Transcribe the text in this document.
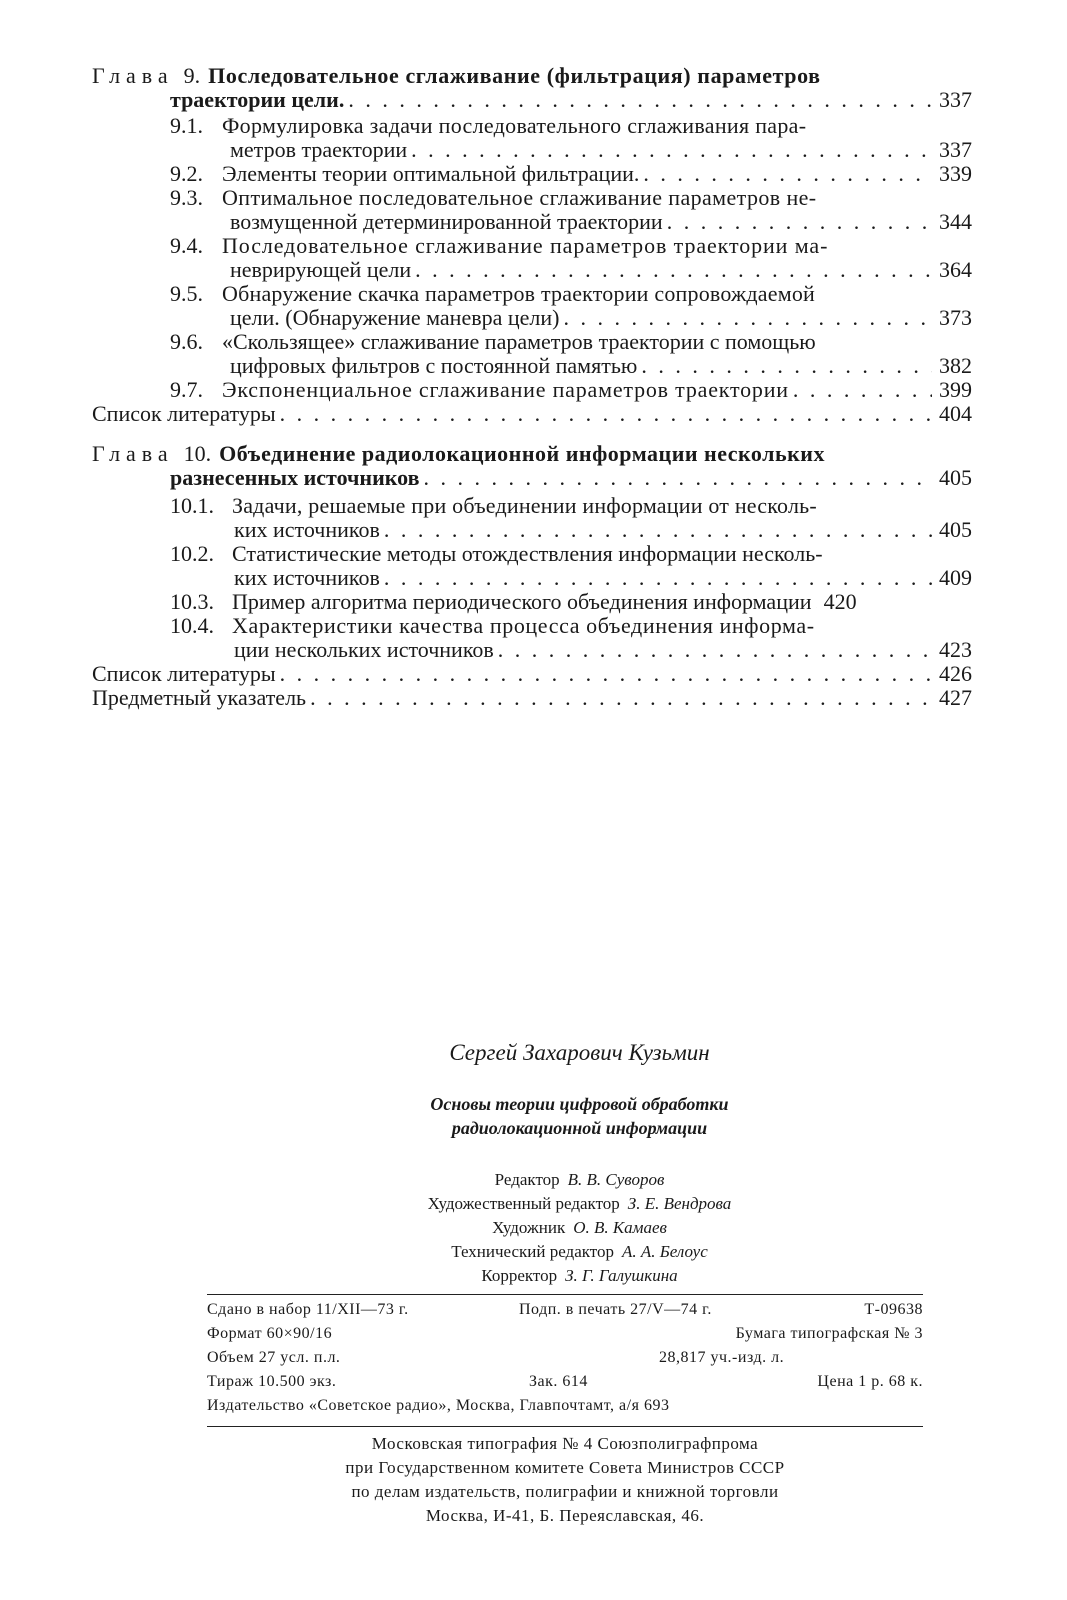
Глава 9. Последовательное сглаживание (фильтрация) параметров
траектории цели. . . .	337
9.1. Формулировка задачи последовательного сглаживания пара-
метров траектории . . .	337
9.2. Элементы теории оптимальной фильтрации. . . .	339
9.3. Оптимальное последовательное сглаживание параметров не-
возмущенной детерминированной траектории . . .	344
9.4. Последовательное сглаживание параметров траектории ма-
неврирующей цели . . .	364
9.5. Обнаружение скачка параметров траектории сопровождаемой
цели. (Обнаружение маневра цели) . . .	373
9.6. «Скользящее» сглаживание параметров траектории с помощью
цифровых фильтров с постоянной памятью . . .	382
9.7. Экспоненциальное сглаживание параметров траектории . . .	399
Список литературы . . .	404
Глава 10. Объединение радиолокационной информации нескольких
разнесенных источников . . .	405
10.1. Задачи, решаемые при объединении информации от несколь-
ких источников . . .	405
10.2. Статистические методы отождествления информации несколь-
ких источников . . .	409
10.3. Пример алгоритма периодического объединения информации . . . 420
10.4. Характеристики качества процесса объединения информа-
ции нескольких источников . . .	423
Список литературы . . .	426
Предметный указатель . . .	427
Сергей Захарович Кузьмин
Основы теории цифровой обработки
радиолокационной информации
Редактор В. В. Суворов
Художественный редактор З. Е. Вендрова
Художник О. В. Камаев
Технический редактор А. А. Белоус
Корректор З. Г. Галушкина
Сдано в набор 11/XII—73 г.	Подп. в печать 27/V—74 г.	Т-09638
Формат 60×90/16	Бумага типографская № 3
Объем 27 усл. п.л.	28,817 уч.-изд. л.
Тираж 10.500 экз.	Зак. 614	Цена 1 р. 68 к.
Издательство «Советское радио», Москва, Главпочтамт, а/я 693
Московская типография № 4 Союзполиграфпрома
при Государственном комитете Совета Министров СССР
по делам издательств, полиграфии и книжной торговли
Москва, И-41, Б. Переяславская, 46.
